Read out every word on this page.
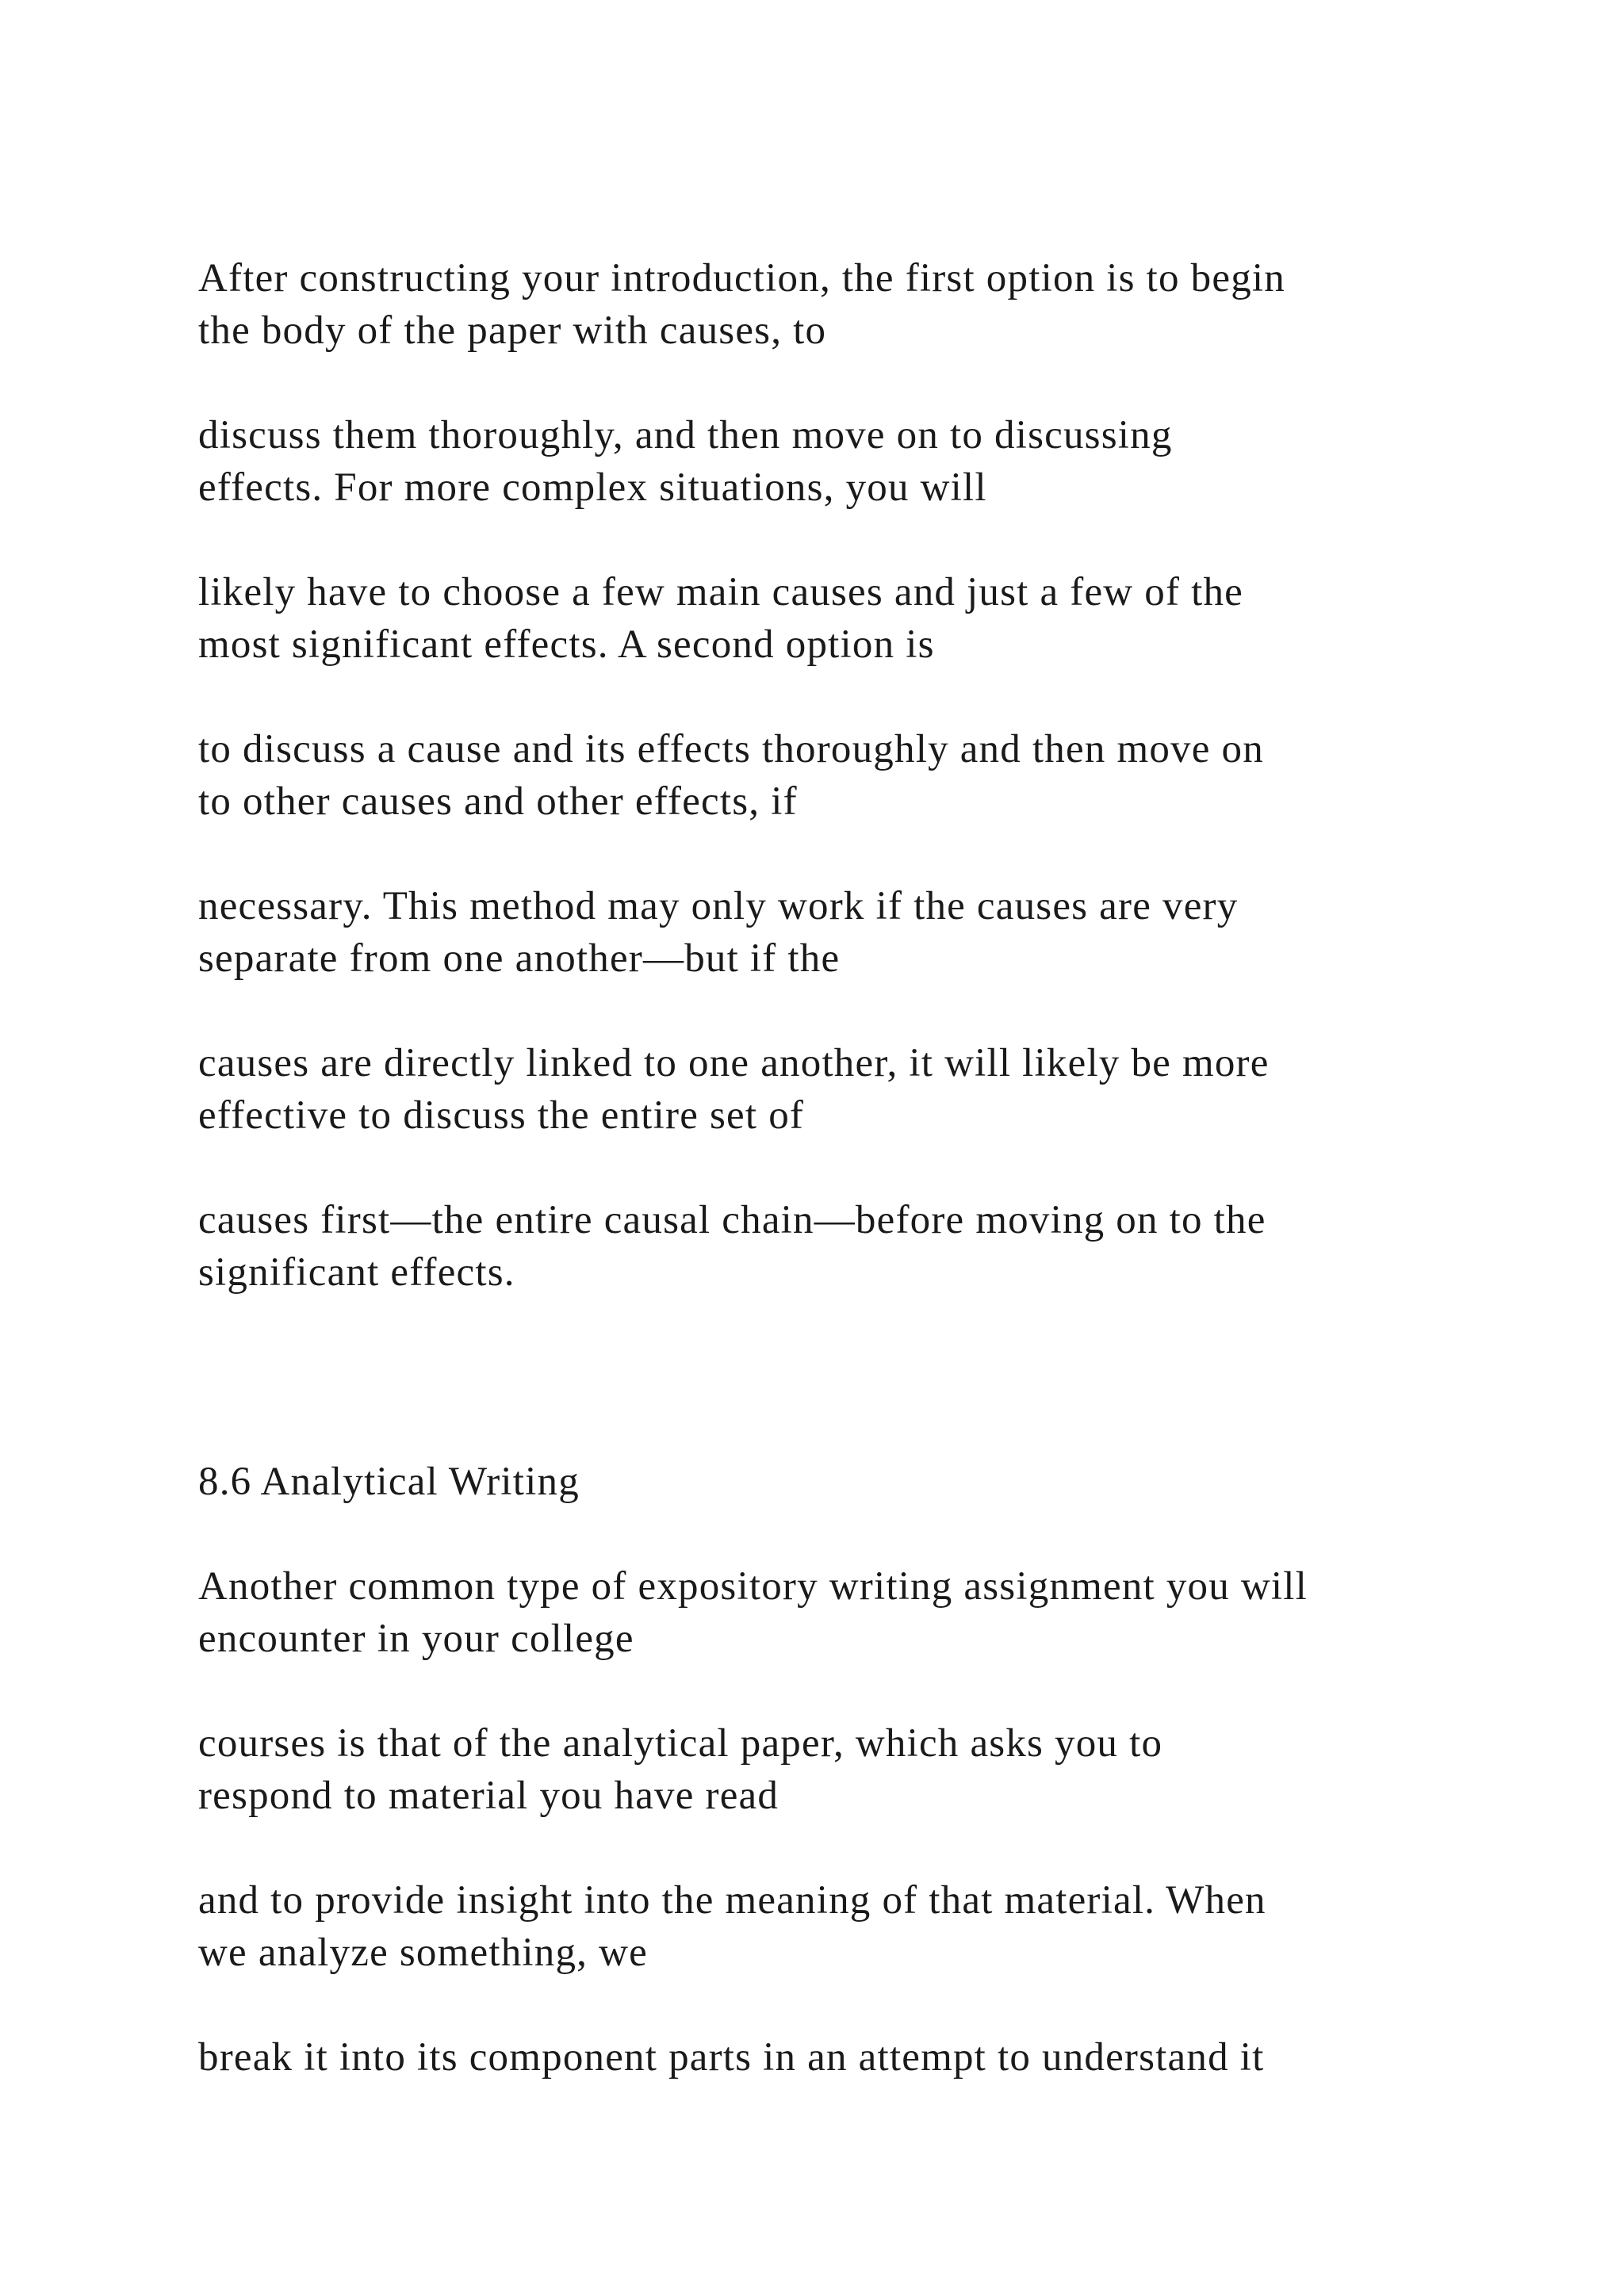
After constructing your introduction, the first option is to begin
the body of the paper with causes, to
discuss them thoroughly, and then move on to discussing
effects. For more complex situations, you will
likely have to choose a few main causes and just a few of the
most significant effects. A second option is
to discuss a cause and its effects thoroughly and then move on
to other causes and other effects, if
necessary. This method may only work if the causes are very
separate from one another—but if the
causes are directly linked to one another, it will likely be more
effective to discuss the entire set of
causes first—the entire causal chain—before moving on to the
significant effects.
8.6 Analytical Writing
Another common type of expository writing assignment you will
encounter in your college
courses is that of the analytical paper, which asks you to
respond to material you have read
and to provide insight into the meaning of that material. When
we analyze something, we
break it into its component parts in an attempt to understand it
